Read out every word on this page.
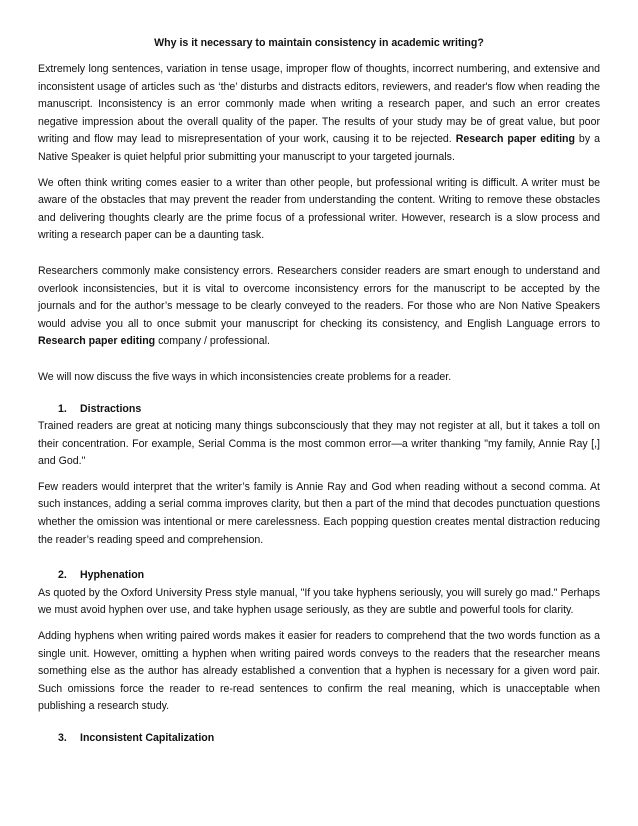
Why is it necessary to maintain consistency in academic writing?

Extremely long sentences, variation in tense usage, improper flow of thoughts, incorrect numbering, and extensive and inconsistent usage of articles such as ‘the’ disturbs and distracts editors, reviewers, and reader's flow when reading the manuscript. Inconsistency is an error commonly made when writing a research paper, and such an error creates negative impression about the overall quality of the paper. The results of your study may be of great value, but poor writing and flow may lead to misrepresentation of your work, causing it to be rejected. Research paper editing by a Native Speaker is quiet helpful prior submitting your manuscript to your targeted journals.

We often think writing comes easier to a writer than other people, but professional writing is difficult. A writer must be aware of the obstacles that may prevent the reader from understanding the content. Writing to remove these obstacles and delivering thoughts clearly are the prime focus of a professional writer. However, research is a slow process and writing a research paper can be a daunting task.

Researchers commonly make consistency errors. Researchers consider readers are smart enough to understand and overlook inconsistencies, but it is vital to overcome inconsistency errors for the manuscript to be accepted by the journals and for the author’s message to be clearly conveyed to the readers. For those who are Non Native Speakers would advise you all to once submit your manuscript for checking its consistency, and English Language errors to Research paper editing company / professional.

We will now discuss the five ways in which inconsistencies create problems for a reader.

1.	Distractions

Trained readers are great at noticing many things subconsciously that they may not register at all, but it takes a toll on their concentration. For example, Serial Comma is the most common error—a writer thanking "my family, Annie Ray [,] and God."

Few readers would interpret that the writer’s family is Annie Ray and God when reading without a second comma. At such instances, adding a serial comma improves clarity, but then a part of the mind that decodes punctuation questions whether the omission was intentional or mere carelessness. Each popping question creates mental distraction reducing the reader’s reading speed and comprehension.

2.	Hyphenation

As quoted by the Oxford University Press style manual, "If you take hyphens seriously, you will surely go mad." Perhaps we must avoid hyphen over use, and take hyphen usage seriously, as they are subtle and powerful tools for clarity.

Adding hyphens when writing paired words makes it easier for readers to comprehend that the two words function as a single unit. However, omitting a hyphen when writing paired words conveys to the readers that the researcher means something else as the author has already established a convention that a hyphen is necessary for a given word pair. Such omissions force the reader to re-read sentences to confirm the real meaning, which is unacceptable when publishing a research study.

3.	Inconsistent Capitalization
